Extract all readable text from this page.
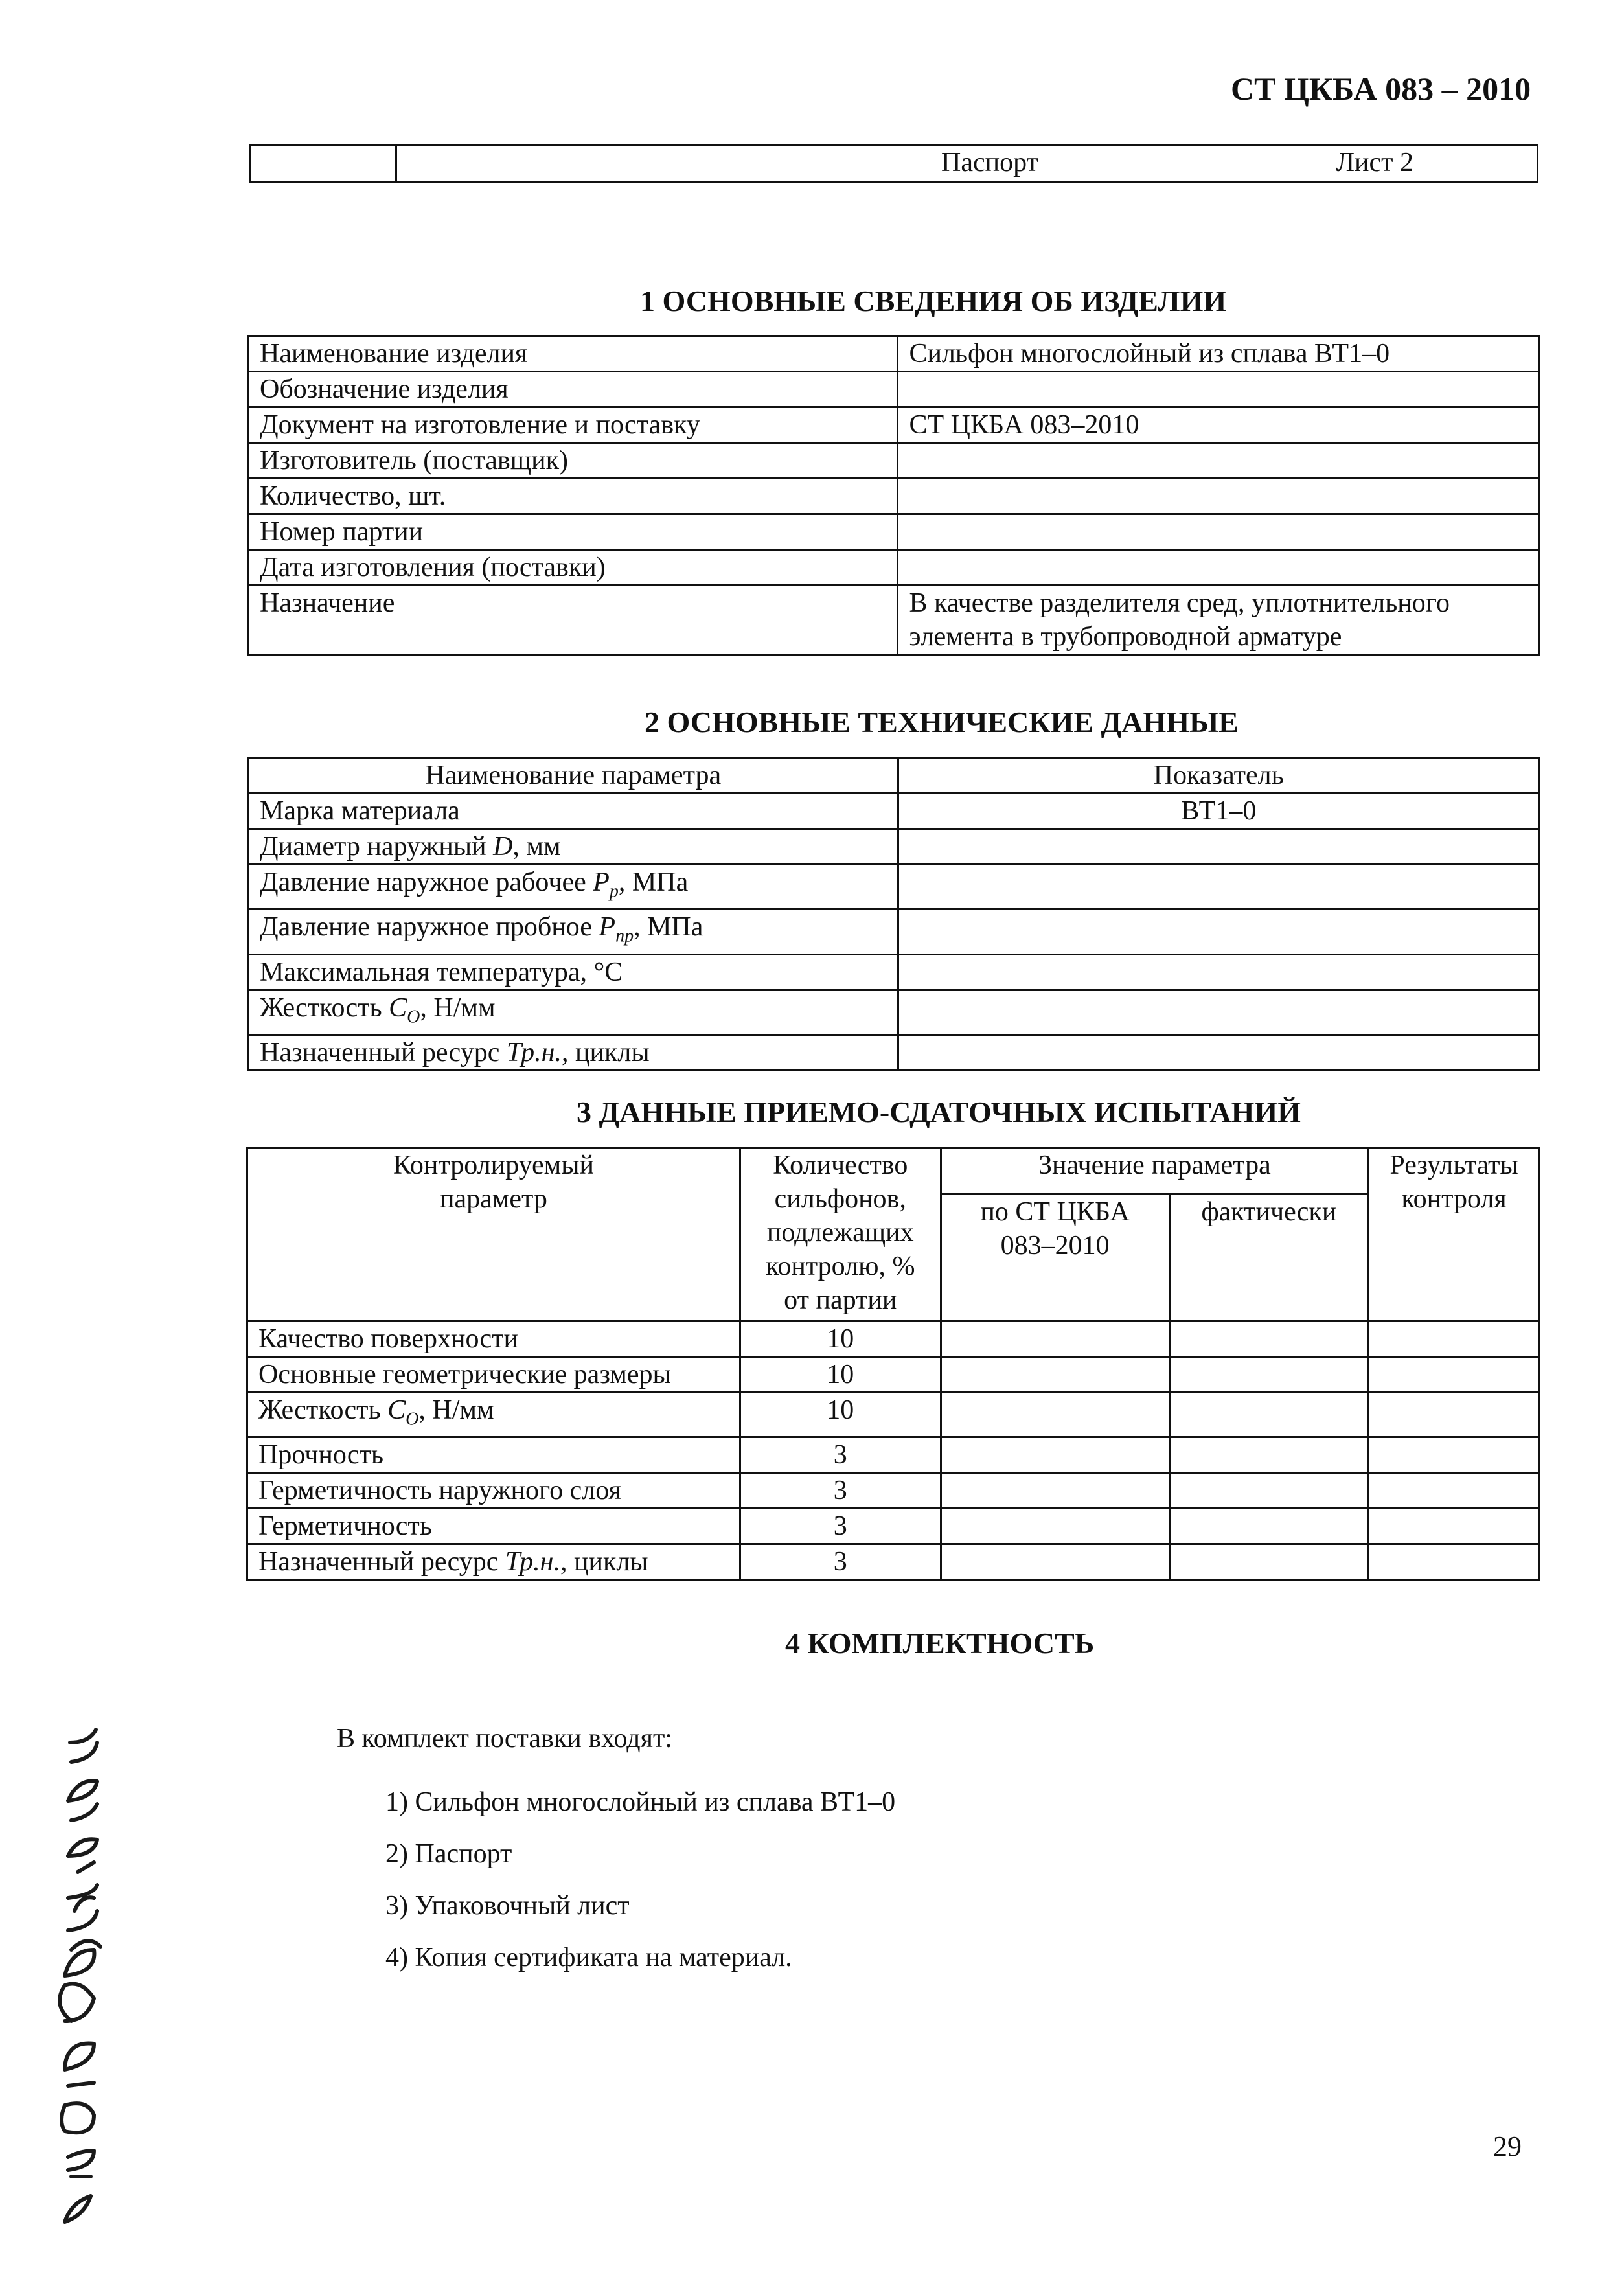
СТ ЦКБА 083 – 2010

Паспорт	Лист 2
1 ОСНОВНЫЕ СВЕДЕНИЯ ОБ ИЗДЕЛИИ
Наименование изделия	Сильфон многослойный из сплава ВТ1–0
Обозначение изделия	
Документ на изготовление и поставку	СТ ЦКБА 083–2010
Изготовитель (поставщик)	
Количество, шт.	
Номер партии	
Дата изготовления (поставки)	
Назначение	В качестве разделителя сред, уплотнительного элемента в трубопроводной арматуре
2 ОСНОВНЫЕ ТЕХНИЧЕСКИЕ ДАННЫЕ
Наименование параметра	Показатель
Марка материала	ВТ1–0
Диаметр наружный D, мм	
Давление наружное рабочее $P_р$, МПа	
Давление наружное пробное $P_{пр}$, МПа	
Максимальная температура, °С	
Жесткость $C_О$, Н/мм	
Назначенный ресурс Тр.н., циклы	
3 ДАННЫЕ ПРИЕМО-СДАТОЧНЫХ ИСПЫТАНИЙ
Контролируемый параметр	Количество сильфонов, подлежащих контролю, % от партии	Значение параметра		Результаты контроля
		по СТ ЦКБА 083–2010	фактически	
Качество поверхности	10			
Основные геометрические размеры	10			
Жесткость $C_О$, Н/мм	10			
Прочность	3			
Герметичность наружного слоя	3			
Герметичность	3			
Назначенный ресурс Тр.н., циклы	3			
4 КОМПЛЕКТНОСТЬ
В комплект поставки входят:
1) Сильфон многослойный из сплава ВТ1–0
2) Паспорт
3) Упаковочный лист
4) Копия сертификата на материал.
29
